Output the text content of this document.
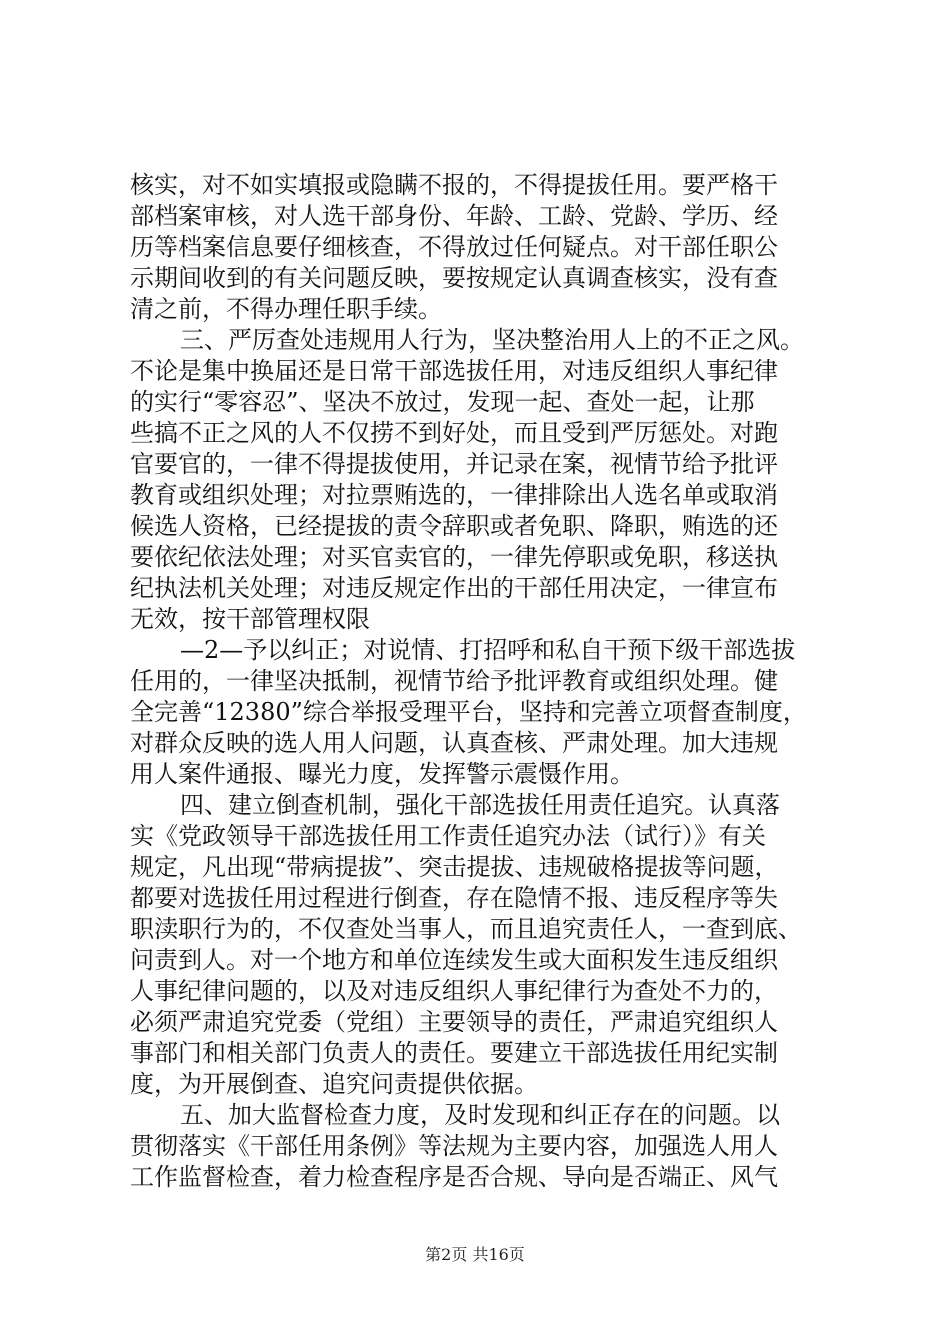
核实，对不如实填报或隐瞒不报的，不得提拔任用。要严格干
部档案审核，对人选干部身份、年龄、工龄、党龄、学历、经
历等档案信息要仔细核查，不得放过任何疑点。对干部任职公
示期间收到的有关问题反映，要按规定认真调查核实，没有查
清之前，不得办理任职手续。
三、严厉查处违规用人行为，坚决整治用人上的不正之风。
不论是集中换届还是日常干部选拔任用，对违反组织人事纪律
的实行“零容忍”、坚决不放过，发现一起、查处一起，让那
些搞不正之风的人不仅捞不到好处，而且受到严厉惩处。对跑
官要官的，一律不得提拔使用，并记录在案，视情节给予批评
教育或组织处理；对拉票贿选的，一律排除出人选名单或取消
候选人资格，已经提拔的责令辞职或者免职、降职，贿选的还
要依纪依法处理；对买官卖官的，一律先停职或免职，移送执
纪执法机关处理；对违反规定作出的干部任用决定，一律宣布
无效，按干部管理权限
—2—予以纠正；对说情、打招呼和私自干预下级干部选拔
任用的，一律坚决抵制，视情节给予批评教育或组织处理。健
全完善“12380”综合举报受理平台，坚持和完善立项督查制度，
对群众反映的选人用人问题，认真查核、严肃处理。加大违规
用人案件通报、曝光力度，发挥警示震慑作用。
四、建立倒查机制，强化干部选拔任用责任追究。认真落
实《党政领导干部选拔任用工作责任追究办法（试行）》有关
规定，凡出现“带病提拔”、突击提拔、违规破格提拔等问题，
都要对选拔任用过程进行倒查，存在隐情不报、违反程序等失
职渎职行为的，不仅查处当事人，而且追究责任人，一查到底、
问责到人。对一个地方和单位连续发生或大面积发生违反组织
人事纪律问题的，以及对违反组织人事纪律行为查处不力的，
必须严肃追究党委（党组）主要领导的责任，严肃追究组织人
事部门和相关部门负责人的责任。要建立干部选拔任用纪实制
度，为开展倒查、追究问责提供依据。
五、加大监督检查力度，及时发现和纠正存在的问题。以
贯彻落实《干部任用条例》等法规为主要内容，加强选人用人
工作监督检查，着力检查程序是否合规、导向是否端正、风气
第2页 共16页
